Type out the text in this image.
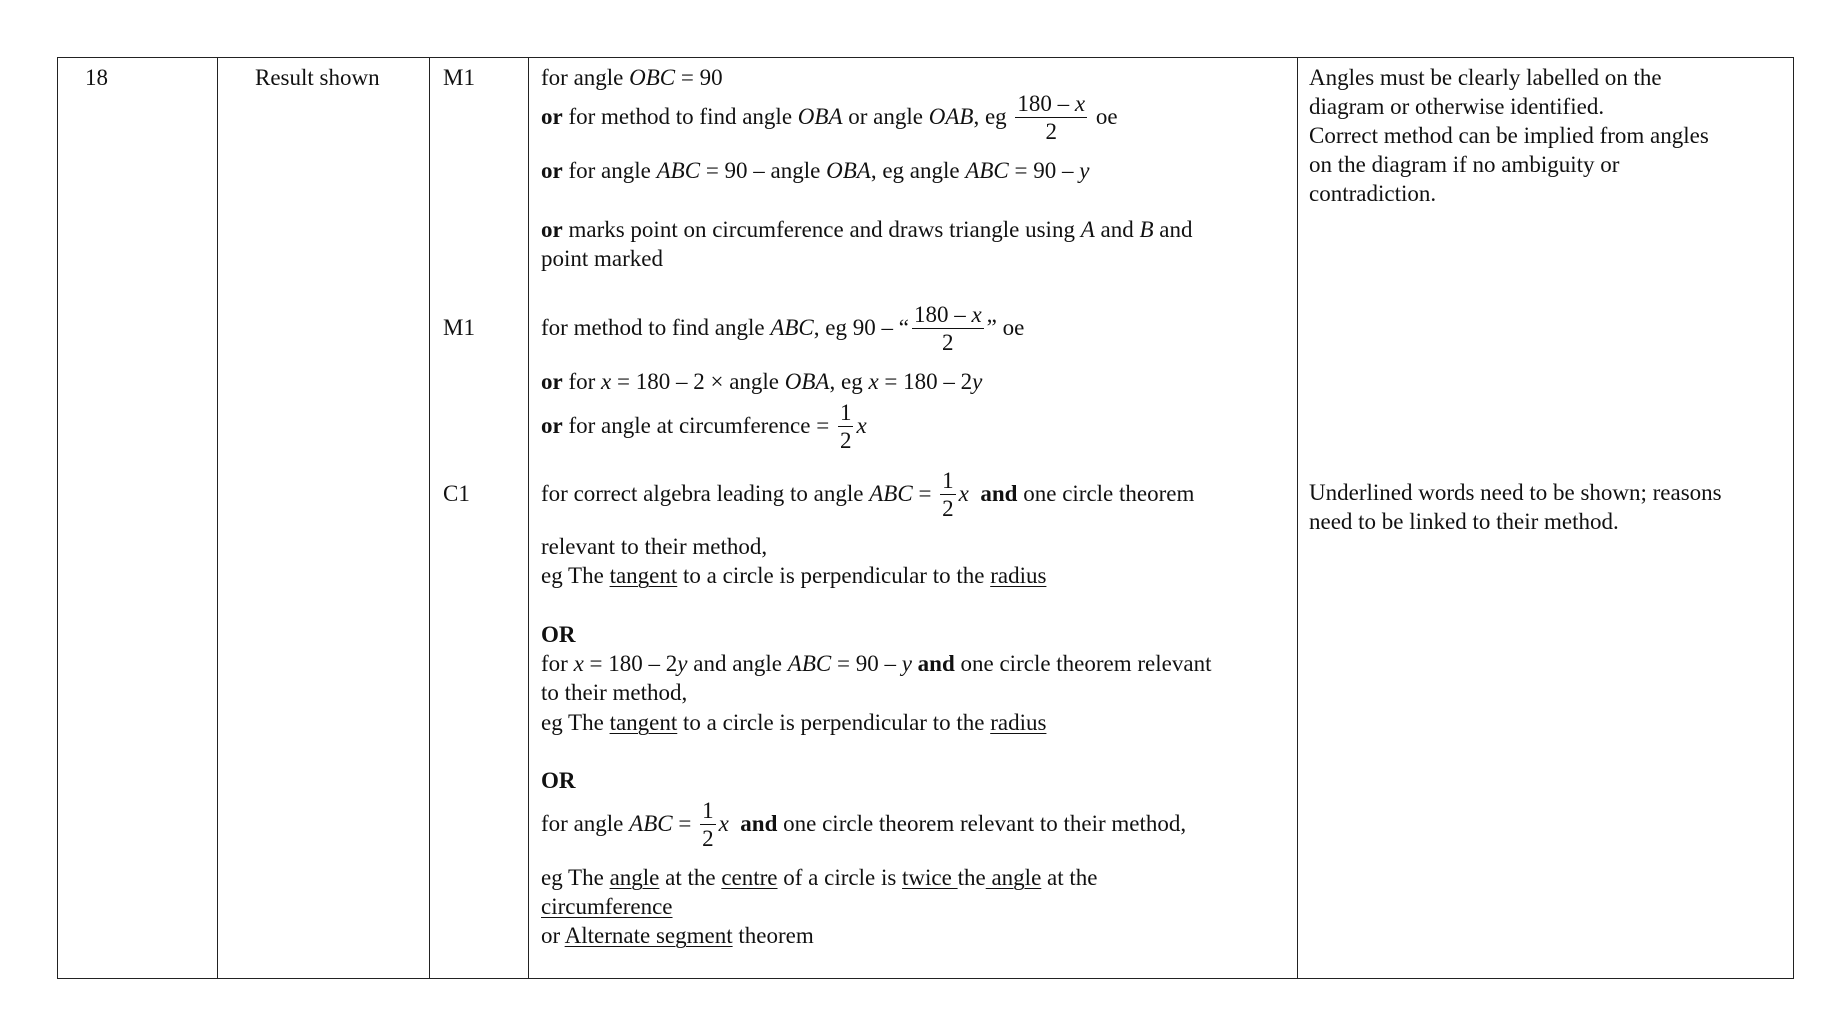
18	Result shown	M1
M1
C1
for angle OBC = 90
or for method to find angle OBA or angle OAB, eg $\frac{180 - x}{2}$ oe
or for angle ABC = 90 – angle OBA, eg angle ABC = 90 – y
or marks point on circumference and draws triangle using A and B and
point marked
for method to find angle ABC, eg 90 – “ $\frac{180 - x}{2}$ ” oe
or for x = 180 – 2 × angle OBA, eg x = 180 – 2y
or for angle at circumference = $\frac{1}{2}$ x
for correct algebra leading to angle ABC = $\frac{1}{2}$ x and one circle theorem
relevant to their method,
eg The tangent to a circle is perpendicular to the radius
OR
for x = 180 – 2y and angle ABC = 90 – y and one circle theorem relevant
to their method,
eg The tangent to a circle is perpendicular to the radius
OR
for angle ABC = $\frac{1}{2}$ x and one circle theorem relevant to their method,
eg The angle at the centre of a circle is twice the angle at the
circumference
or Alternate segment theorem
Angles must be clearly labelled on the
diagram or otherwise identified.
Correct method can be implied from angles
on the diagram if no ambiguity or
contradiction.
Underlined words need to be shown; reasons
need to be linked to their method.
